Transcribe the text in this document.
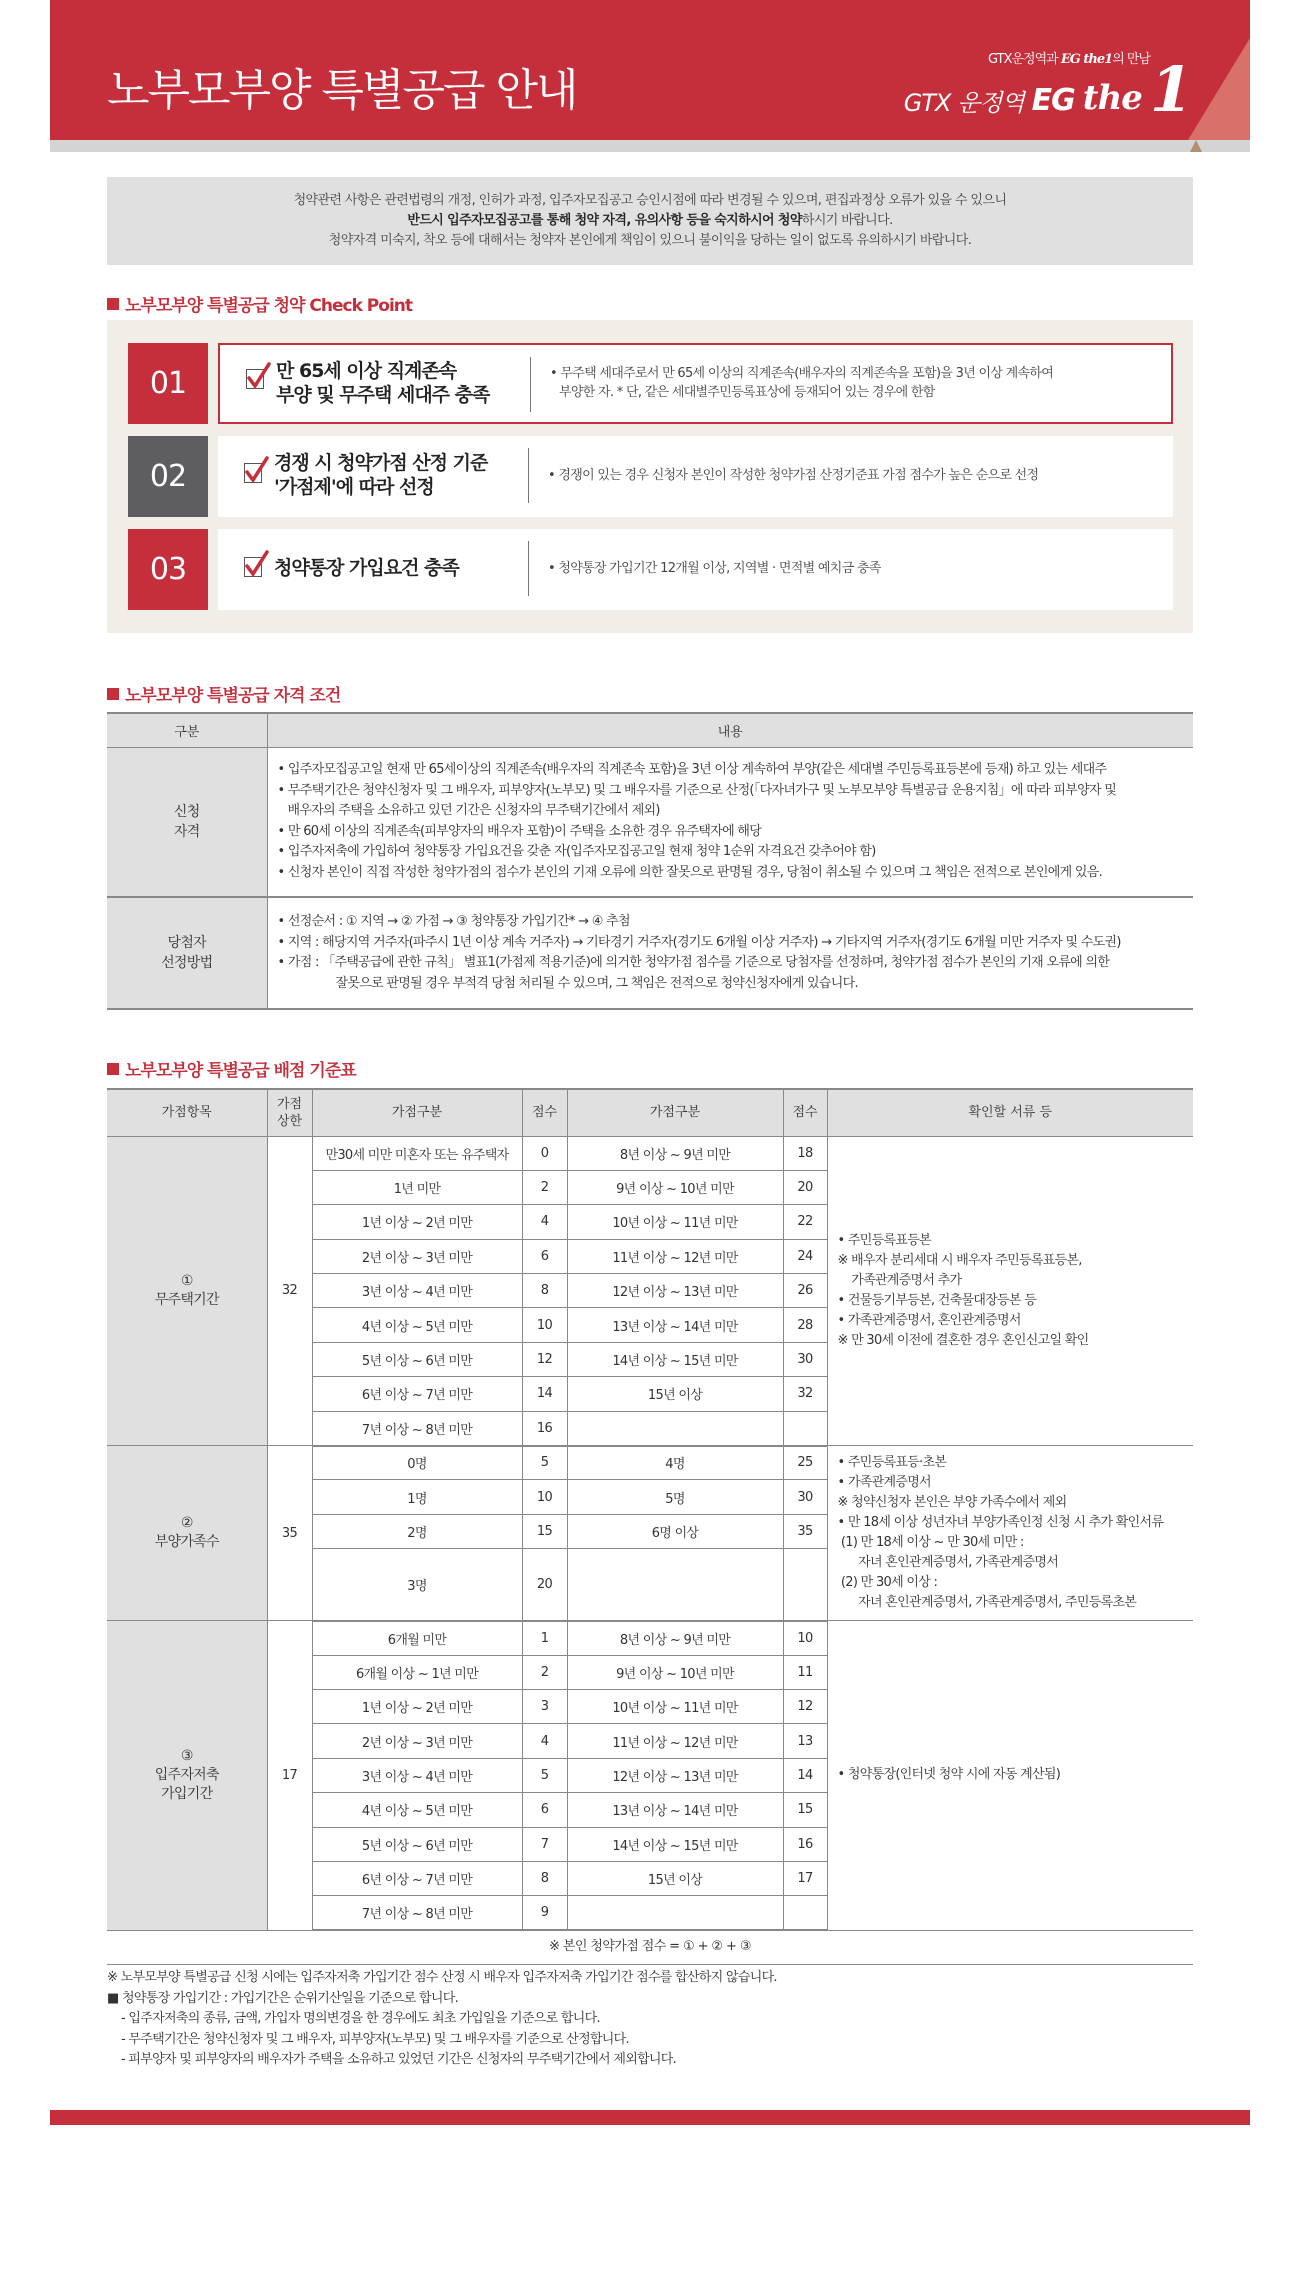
노부모부양 특별공급 안내
GTX운정역과 EG the1의 만남
GTX 운정역 EG the 1
청약관련 사항은 관련법령의 개정, 인허가 과정, 입주자모집공고 승인시점에 따라 변경될 수 있으며, 편집과정상 오류가 있을 수 있으니
반드시 입주자모집공고를 통해 청약 자격, 유의사항 등을 숙지하시어 청약하시기 바랍니다.
청약자격 미숙지, 착오 등에 대해서는 청약자 본인에게 책임이 있으니 불이익을 당하는 일이 없도록 유의하시기 바랍니다.
노부모부양 특별공급 청약 Check Point
01	만 65세 이상 직계존속
부양 및 무주택 세대주 충족
• 무주택 세대주로서 만 65세 이상의 직계존속(배우자의 직계존속을 포함)을 3년 이상 계속하여
부양한 자. * 단, 같은 세대별주민등록표상에 등재되어 있는 경우에 한함
02	경쟁 시 청약가점 산정 기준
'가점제'에 따라 선정
• 경쟁이 있는 경우 신청자 본인이 작성한 청약가점 산정기준표 가점 점수가 높은 순으로 선정
03	청약통장 가입요건 충족	• 청약통장 가입기간 12개월 이상, 지역별 · 면적별 예치금 충족
노부모부양 특별공급 자격 조건
구분	내용

신청
자격

• 입주자모집공고일 현재 만 65세이상의 직계존속(배우자의 직계존속 포함)을 3년 이상 계속하여 부양(같은 세대별 주민등록표등본에 등재) 하고 있는 세대주
• 무주택기간은 청약신청자 및 그 배우자, 피부양자(노부모) 및 그 배우자를 기준으로 산정(「다자녀가구 및 노부모부양 특별공급 운용지침」에 따라 피부양자 및
배우자의 주택을 소유하고 있던 기간은 신청자의 무주택기간에서 제외)
• 만 60세 이상의 직계존속(피부양자의 배우자 포함)이 주택을 소유한 경우 유주택자에 해당
• 입주자저축에 가입하여 청약통장 가입요건을 갖춘 자(입주자모집공고일 현재 청약 1순위 자격요건 갖추어야 함)
• 신청자 본인이 직접 작성한 청약가점의 점수가 본인의 기재 오류에 의한 잘못으로 판명될 경우, 당첨이 취소될 수 있으며 그 책임은 전적으로 본인에게 있음.

당첨자
선정방법

• 선정순서 : ① 지역 → ② 가점 → ③ 청약통장 가입기간* → ④ 추첨
• 지역 : 해당지역 거주자(파주시 1년 이상 계속 거주자) → 기타경기 거주자(경기도 6개월 이상 거주자) → 기타지역 거주자(경기도 6개월 미만 거주자 및 수도권)
• 가점 : 「주택공급에 관한 규칙」 별표1(가점제 적용기준)에 의거한 청약가점 점수를 기준으로 당첨자를 선정하며, 청약가점 점수가 본인의 기재 오류에 의한
잘못으로 판명될 경우 부적격 당첨 처리될 수 있으며, 그 책임은 전적으로 청약신청자에게 있습니다.
노부모부양 특별공급 배점 기준표
가점항목	가점
상한	가점구분	점수	가점구분	점수	확인할 서류 등

①
무주택기간
	32	만30세 미만 미혼자 또는 유주택자	0	8년 이상 ~ 9년 미만	18	
• 주민등록표등본
※ 배우자 분리세대 시 배우자 주민등록표등본,
가족관계증명서 추가
• 건물등기부등본, 건축물대장등본 등
• 가족관계증명서, 혼인관계증명서
※ 만 30세 이전에 결혼한 경우 혼인신고일 확인

		1년 미만	2	9년 이상 ~ 10년 미만	20	
		1년 이상 ~ 2년 미만	4	10년 이상 ~ 11년 미만	22	
		2년 이상 ~ 3년 미만	6	11년 이상 ~ 12년 미만	24	
		3년 이상 ~ 4년 미만	8	12년 이상 ~ 13년 미만	26	
		4년 이상 ~ 5년 미만	10	13년 이상 ~ 14년 미만	28	
		5년 이상 ~ 6년 미만	12	14년 이상 ~ 15년 미만	30	
		6년 이상 ~ 7년 미만	14	15년 이상	32	
		7년 이상 ~ 8년 미만	16			

②
부양가족수
	35	0명	5	4명	25	• 주민등록표등·초본
• 가족관계증명서
※ 청약신청자 본인은 부양 가족수에서 제외
• 만 18세 이상 성년자녀 부양가족인정 신청 시 추가 확인서류
(1) 만 18세 이상 ~ 만 30세 미만 :
자녀 혼인관계증명서, 가족관계증명서
(2) 만 30세 이상 :
자녀 혼인관계증명서, 가족관계증명서, 주민등록초본

		1명	10	5명	30	
		2명	15	6명 이상	35	
		3명	20			

③
입주자저축
가입기간	17	6개월 미만	1	8년 이상 ~ 9년 미만	10	• 청약통장(인터넷 청약 시에 자동 계산됨)

		6개월 이상 ~ 1년 미만	2	9년 이상 ~ 10년 미만	11	
		1년 이상 ~ 2년 미만	3	10년 이상 ~ 11년 미만	12	
		2년 이상 ~ 3년 미만	4	11년 이상 ~ 12년 미만	13	
		3년 이상 ~ 4년 미만	5	12년 이상 ~ 13년 미만	14	
		4년 이상 ~ 5년 미만	6	13년 이상 ~ 14년 미만	15	
		5년 이상 ~ 6년 미만	7	14년 이상 ~ 15년 미만	16	
		6년 이상 ~ 7년 미만	8	15년 이상	17	
		7년 이상 ~ 8년 미만	9			
※ 본인 청약가점 점수 = ① + ② + ③
※ 노부모부양 특별공급 신청 시에는 입주자저축 가입기간 점수 산정 시 배우자 입주자저축 가입기간 점수를 합산하지 않습니다.
■ 청약통장 가입기간 : 가입기간은 순위기산일을 기준으로 합니다.
- 입주자저축의 종류, 금액, 가입자 명의변경을 한 경우에도 최초 가입일을 기준으로 합니다.
- 무주택기간은 청약신청자 및 그 배우자, 피부양자(노부모) 및 그 배우자를 기준으로 산정합니다.
- 피부양자 및 피부양자의 배우자가 주택을 소유하고 있었던 기간은 신청자의 무주택기간에서 제외합니다.
